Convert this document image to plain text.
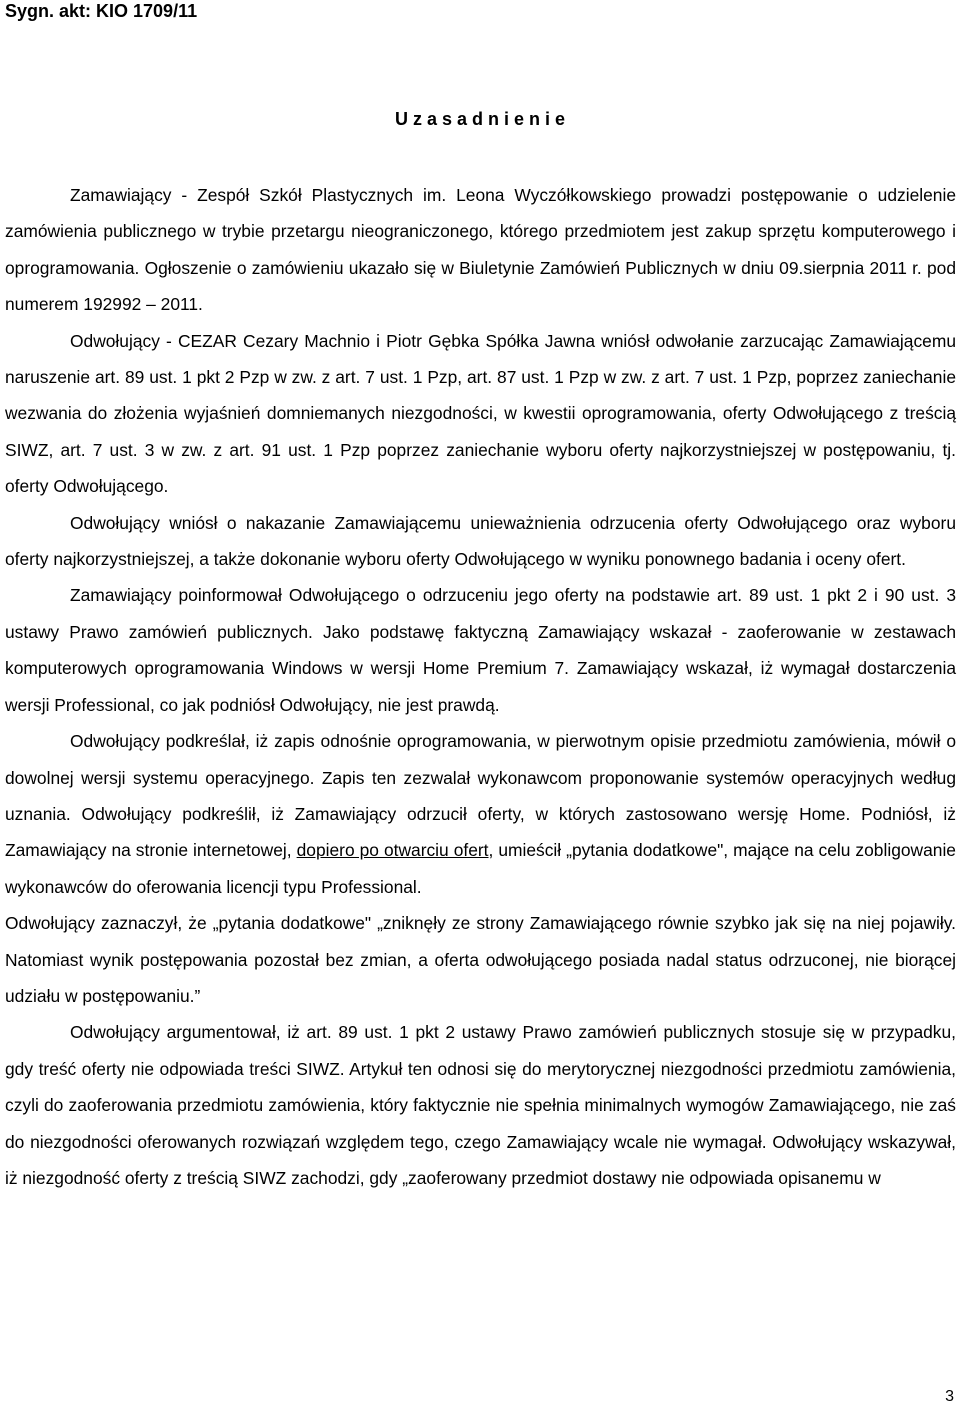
Sygn. akt: KIO 1709/11
U z a s a d n i e n i e

Zamawiający - Zespół Szkół Plastycznych im. Leona Wyczółkowskiego prowadzi postępowanie o udzielenie zamówienia publicznego w trybie przetargu nieograniczonego, którego przedmiotem jest zakup sprzętu komputerowego i oprogramowania. Ogłoszenie o zamówieniu ukazało się w Biuletynie Zamówień Publicznych w dniu 09.sierpnia 2011 r. pod numerem 192992 – 2011.

Odwołujący - CEZAR Cezary Machnio i Piotr Gębka Spółka Jawna wniósł odwołanie zarzucając Zamawiającemu naruszenie art. 89 ust. 1 pkt 2 Pzp w zw. z art. 7 ust. 1 Pzp, art. 87 ust. 1 Pzp w zw. z art. 7 ust. 1 Pzp, poprzez zaniechanie wezwania do złożenia wyjaśnień domniemanych niezgodności, w kwestii oprogramowania, oferty Odwołującego z treścią SIWZ, art. 7 ust. 3 w zw. z art. 91 ust. 1 Pzp poprzez zaniechanie wyboru oferty najkorzystniejszej w postępowaniu, tj. oferty Odwołującego.

Odwołujący wniósł o nakazanie Zamawiającemu unieważnienia odrzucenia oferty Odwołującego oraz wyboru oferty najkorzystniejszej, a także dokonanie wyboru oferty Odwołującego w wyniku ponownego badania i oceny ofert.

Zamawiający poinformował Odwołującego o odrzuceniu jego oferty na podstawie art. 89 ust. 1 pkt 2 i 90 ust. 3 ustawy Prawo zamówień publicznych. Jako podstawę faktyczną Zamawiający wskazał - zaoferowanie w zestawach komputerowych oprogramowania Windows w wersji Home Premium 7. Zamawiający wskazał, iż wymagał dostarczenia wersji Professional, co jak podniósł Odwołujący, nie jest prawdą.

Odwołujący podkreślał, iż zapis odnośnie oprogramowania, w pierwotnym opisie przedmiotu zamówienia, mówił o dowolnej wersji systemu operacyjnego. Zapis ten zezwalał wykonawcom proponowanie systemów operacyjnych według uznania. Odwołujący podkreślił, iż Zamawiający odrzucił oferty, w których zastosowano wersję Home. Podniósł, iż Zamawiający na stronie internetowej, dopiero po otwarciu ofert, umieścił „pytania dodatkowe", mające na celu zobligowanie wykonawców do oferowania licencji typu Professional.

Odwołujący zaznaczył, że „pytania dodatkowe" „zniknęły ze strony Zamawiającego równie szybko jak się na niej pojawiły. Natomiast wynik postępowania pozostał bez zmian, a oferta odwołującego posiada nadal status odrzuconej, nie biorącej udziału w postępowaniu.”

Odwołujący argumentował, iż art. 89 ust. 1 pkt 2 ustawy Prawo zamówień publicznych stosuje się w przypadku, gdy treść oferty nie odpowiada treści SIWZ. Artykuł ten odnosi się do merytorycznej niezgodności przedmiotu zamówienia, czyli do zaoferowania przedmiotu zamówienia, który faktycznie nie spełnia minimalnych wymogów Zamawiającego, nie zaś do niezgodności oferowanych rozwiązań względem tego, czego Zamawiający wcale nie wymagał. Odwołujący wskazywał, iż niezgodność oferty z treścią SIWZ zachodzi, gdy „zaoferowany przedmiot dostawy nie odpowiada opisanemu w

3
